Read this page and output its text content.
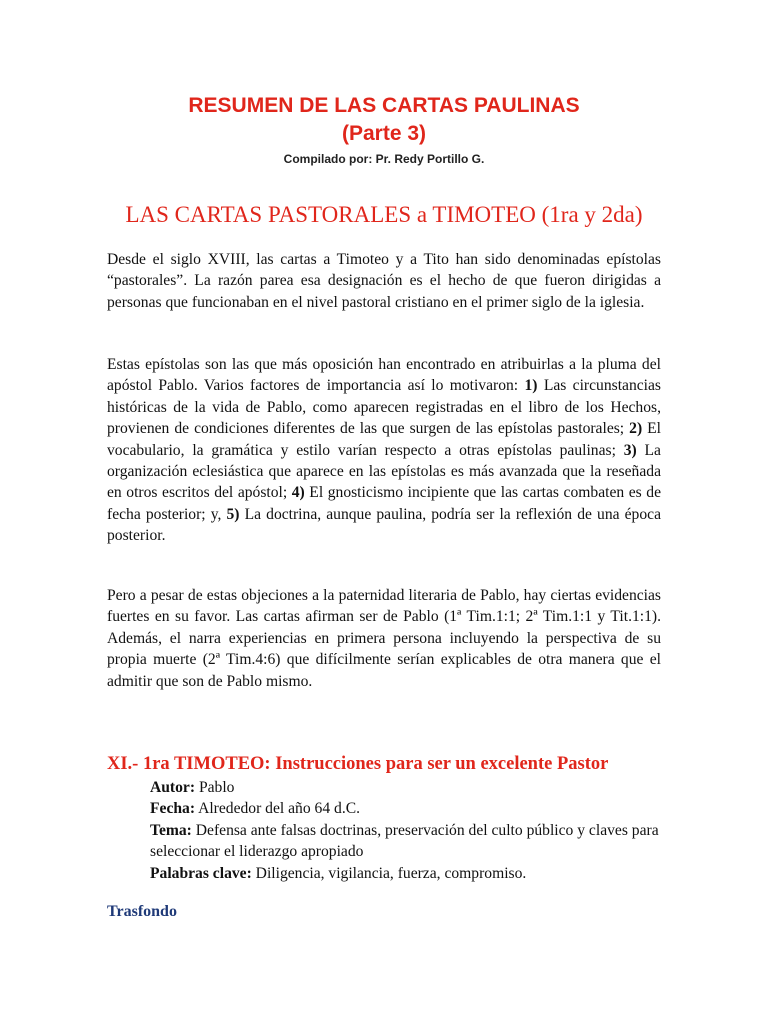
RESUMEN DE LAS CARTAS PAULINAS

(Parte 3)

Compilado por: Pr. Redy Portillo G.
LAS CARTAS PASTORALES a TIMOTEO (1ra y 2da)

Desde el siglo XVIII, las cartas a Timoteo y a Tito han sido denominadas epístolas “pastorales”. La razón parea esa designación es el hecho de que fueron dirigidas a personas que funcionaban en el nivel pastoral cristiano en el primer siglo de la iglesia.

Estas epístolas son las que más oposición han encontrado en atribuirlas a la pluma del apóstol Pablo. Varios factores de importancia así lo motivaron: 1) Las circunstancias históricas de la vida de Pablo, como aparecen registradas en el libro de los Hechos, provienen de condiciones diferentes de las que surgen de las epístolas pastorales; 2) El vocabulario, la gramática y estilo varían respecto a otras epístolas paulinas; 3) La organización eclesiástica que aparece en las epístolas es más avanzada que la reseñada en otros escritos del apóstol; 4) El gnosticismo incipiente que las cartas combaten es de fecha posterior; y, 5) La doctrina, aunque paulina, podría ser la reflexión de una época posterior.

Pero a pesar de estas objeciones a la paternidad literaria de Pablo, hay ciertas evidencias fuertes en su favor. Las cartas afirman ser de Pablo (1ª Tim.1:1; 2ª Tim.1:1 y Tit.1:1). Además, el narra experiencias en primera persona incluyendo la perspectiva de su propia muerte (2ª Tim.4:6) que difícilmente serían explicables de otra manera que el admitir que son de Pablo mismo.

XI.- 1ra TIMOTEO: Instrucciones para ser un excelente Pastor

Autor: Pablo

Fecha: Alrededor del año 64 d.C.

Tema: Defensa ante falsas doctrinas, preservación del culto público y claves para seleccionar el liderazgo apropiado

Palabras clave: Diligencia, vigilancia, fuerza, compromiso.

Trasfondo
